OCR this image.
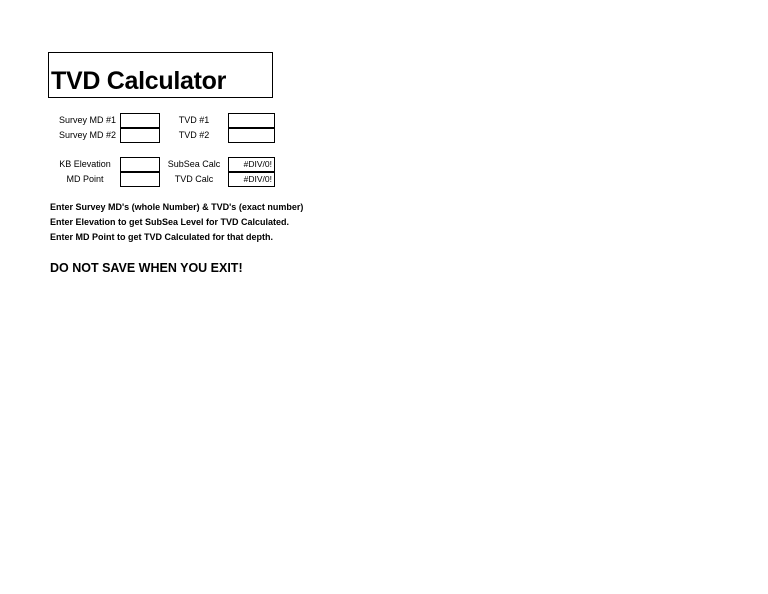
TVD Calculator
Survey MD #1
Survey MD #2
TVD #1
TVD #2
KB Elevation
MD Point
SubSea Calc
TVD Calc
#DIV/0!
#DIV/0!
Enter Survey MD's (whole Number) & TVD's (exact number)
Enter Elevation to get SubSea Level for TVD Calculated.
Enter MD Point to get TVD Calculated for that depth.
DO NOT SAVE WHEN YOU EXIT!
